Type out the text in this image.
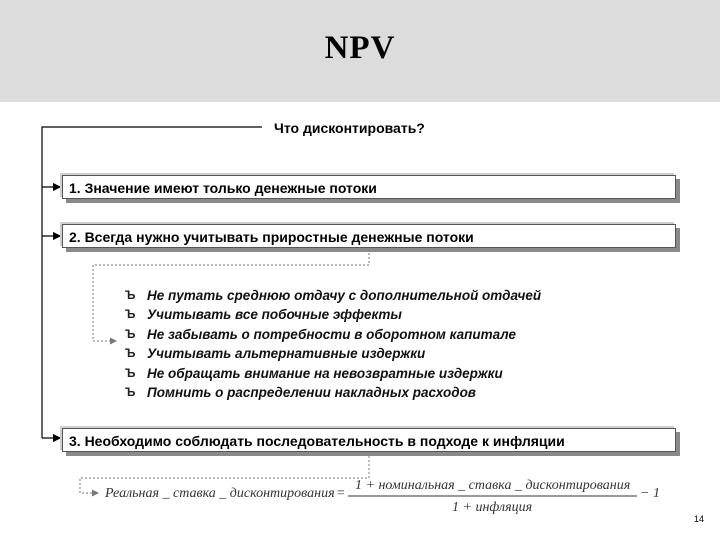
NPV
Что дисконтировать?
1. Значение имеют только денежные потоки
2. Всегда нужно учитывать приростные денежные потоки
Ъ Не путать среднюю отдачу с дополнительной отдачей
Ъ Учитывать все побочные эффекты
Ъ Не забывать о потребности в оборотном капитале
Ъ Учитывать альтернативные издержки
Ъ Не обращать внимание на невозвратные издержки
Ъ Помнить о распределении накладных расходов
3. Необходимо соблюдать последовательность в подходе к инфляции
Реальная _ ставка _ дисконтирования =
1 + номинальная _ ставка _ дисконтирования
1 + инфляция
− 1
14
